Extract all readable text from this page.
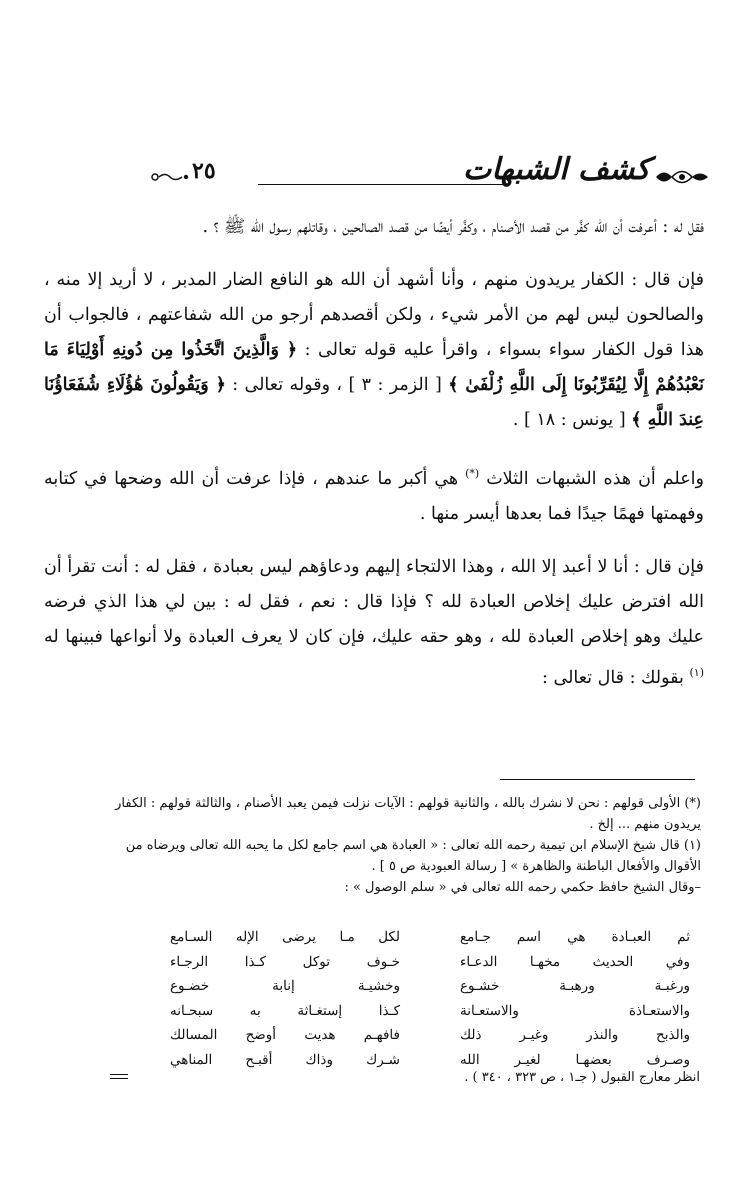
٢٥	كشف الشبهات

فقل له : أعرفت أن الله كفَّر من قصد الأصنام ، وكفَّر أيضًا من قصد الصالحين ، وقاتلهم رسول الله ﷺ ؟ .

فإن قال : الكفار يريدون منهم ، وأنا أشهد أن الله هو النافع الضار المدبر ، لا أريد إلا منه ، والصالحون ليس لهم من الأمر شيء ، ولكن أقصدهم أرجو من الله شفاعتهم ، فالجواب أن هذا قول الكفار سواء بسواء ، واقرأ عليه قوله تعالى : ﴿ وَالَّذِينَ اتَّخَذُوا مِن دُونِهِ أَوْلِيَاءَ مَا نَعْبُدُهُمْ إِلَّا لِيُقَرِّبُونَا إِلَى اللَّهِ زُلْفَىٰ ﴾ [ الزمر : ٣ ] ، وقوله تعالى : ﴿ وَيَقُولُونَ هَٰؤُلَاءِ شُفَعَاؤُنَا عِندَ اللَّهِ ﴾ [ يونس : ١٨ ] .

واعلم أن هذه الشبهات الثلاث (*) هي أكبر ما عندهم ، فإذا عرفت أن الله وضحها في كتابه وفهمتها فهمًا جيدًا فما بعدها أيسر منها .

فإن قال : أنا لا أعبد إلا الله ، وهذا الالتجاء إليهم ودعاؤهم ليس بعبادة ، فقل له : أنت تقرأ أن الله افترض عليك إخلاص العبادة لله ؟ فإذا قال : نعم ، فقل له : بين لي هذا الذي فرضه عليك وهو إخلاص العبادة لله ، وهو حقه عليك، فإن كان لا يعرف العبادة ولا أنواعها فبينها له $^{(١)}$ بقولك : قال تعالى :

(*) الأولى قولهم : نحن لا نشرك بالله ، والثانية قولهم : الآيات نزلت فيمن يعبد الأصنام ، والثالثة قولهم : الكفار يريدون منهم ... إلخ .

(١) قال شيخ الإسلام ابن تيمية رحمه الله تعالى : « العبادة هي اسم جامع لكل ما يحبه الله تعالى ويرضاه من الأقوال والأفعال الباطنة والظاهرة » [ رسالة العبودية ص ٥ ] .

–وقال الشيخ حافظ حكمي رحمه الله تعالى في « سلم الوصول » :

ثم العبـادة هي اسم جـامع
لكل مـا يرضى الإله السـامع
وفي الحديث مخهـا الدعـاء
خـوف توكل كـذا الرجـاء
ورغبـة ورهبـة خشـوع
وخشيـة إنابة خضـوع
والاستعـاذة والاستعـانة
كـذا إستغـاثة به سبحـانه
والذبح والنذر وغيـر ذلك
فافهـم هديت أوضح المسالك
وصـرف بعضهـا لغيـر الله
شـرك وذاك أقبـح المناهي
انظر معارج القبول ( جـ١ ، ص ٣٢٣ ، ٣٤٠ ) .
